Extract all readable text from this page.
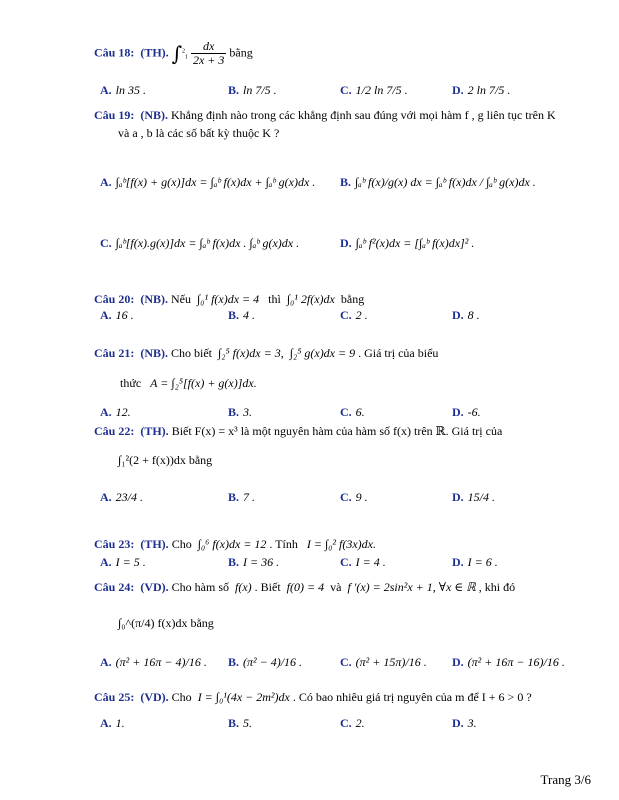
Câu 18: (TH). $\int^2_1 \frac{dx}{2x + 3}$ bằng
A. ln 35 .	B. ln 7/5 .	C. 1/2 ln 7/5 .	D. 2 ln 7/5 .
Câu 19: (NB). Khẳng định nào trong các khẳng định sau đúng với mọi hàm f , g liên tục trên K
và a , b là các số bất kỳ thuộc K ?
A. ∫ₐᵇ[f(x) + g(x)]dx = ∫ₐᵇ f(x)dx + ∫ₐᵇ g(x)dx . B. ∫ₐᵇ f(x)/g(x) dx = ∫ₐᵇ f(x)dx / ∫ₐᵇ g(x)dx .
C. ∫ₐᵇ[f(x).g(x)]dx = ∫ₐᵇ f(x)dx . ∫ₐᵇ g(x)dx .	D. ∫ₐᵇ f²(x)dx = [∫ₐᵇ f(x)dx]² .
Câu 20: (NB). Nếu ∫₀¹ f(x)dx = 4 thì ∫₀¹ 2f(x)dx bằng
A. 16 .	B. 4 .	C. 2 .	D. 8 .
Câu 21: (NB). Cho biết ∫₂⁵ f(x)dx = 3,  ∫₂⁵ g(x)dx = 9 . Giá trị của biểu
thức A = ∫₂⁵[f(x) + g(x)]dx.
A. 12.	B. 3.	C. 6.	D. -6.
Câu 22: (TH). Biết F(x) = x³ là một nguyên hàm của hàm số f(x) trên ℝ. Giá trị của
∫₁²(2 + f(x))dx bằng
A. 23/4 .	B. 7 .	C. 9 .	D. 15/4 .
Câu 23: (TH). Cho ∫₀⁶ f(x)dx = 12 . Tính I = ∫₀² f(3x)dx.
A. I = 5 .	B. I = 36 .	C. I = 4 .	D. I = 6 .
Câu 24: (VD). Cho hàm số f(x) . Biết f(0) = 4 và f '(x) = 2sin²x + 1, ∀x ∈ ℝ , khi đó
∫₀^(π/4) f(x)dx bằng
A. (π² + 16π − 4)/16 . B. (π² − 4)/16 .	C. (π² + 15π)/16 . D. (π² + 16π − 16)/16 .
Câu 25: (VD). Cho I = ∫₀¹(4x − 2m²)dx . Có bao nhiêu giá trị nguyên của m để I + 6 > 0 ?
A. 1.	B. 5.	C. 2.	D. 3.
Trang 3/6
